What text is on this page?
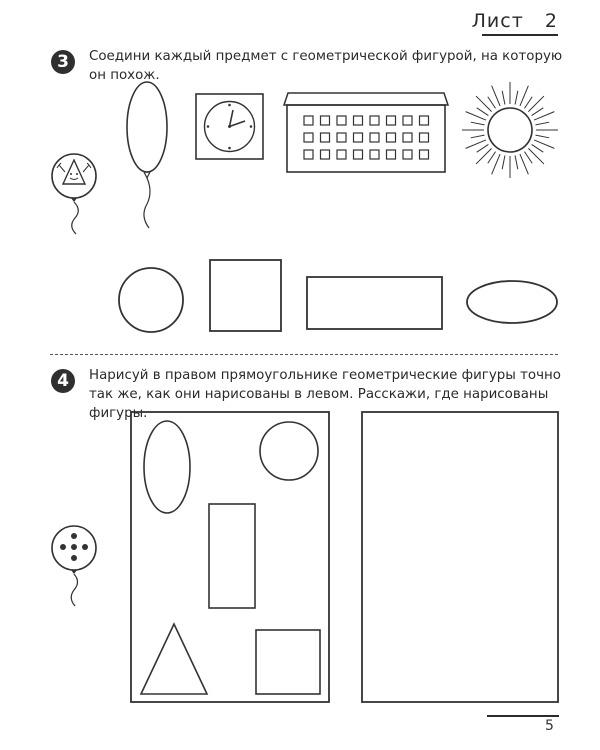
Лист   2
3	Соедини каждый предмет с геометрической фигурой, на которую он похож.
4	Нарисуй в правом прямоугольнике геометрические фигуры точно так же, как они нарисованы в левом. Расскажи, где нарисованы фигуры.
5
